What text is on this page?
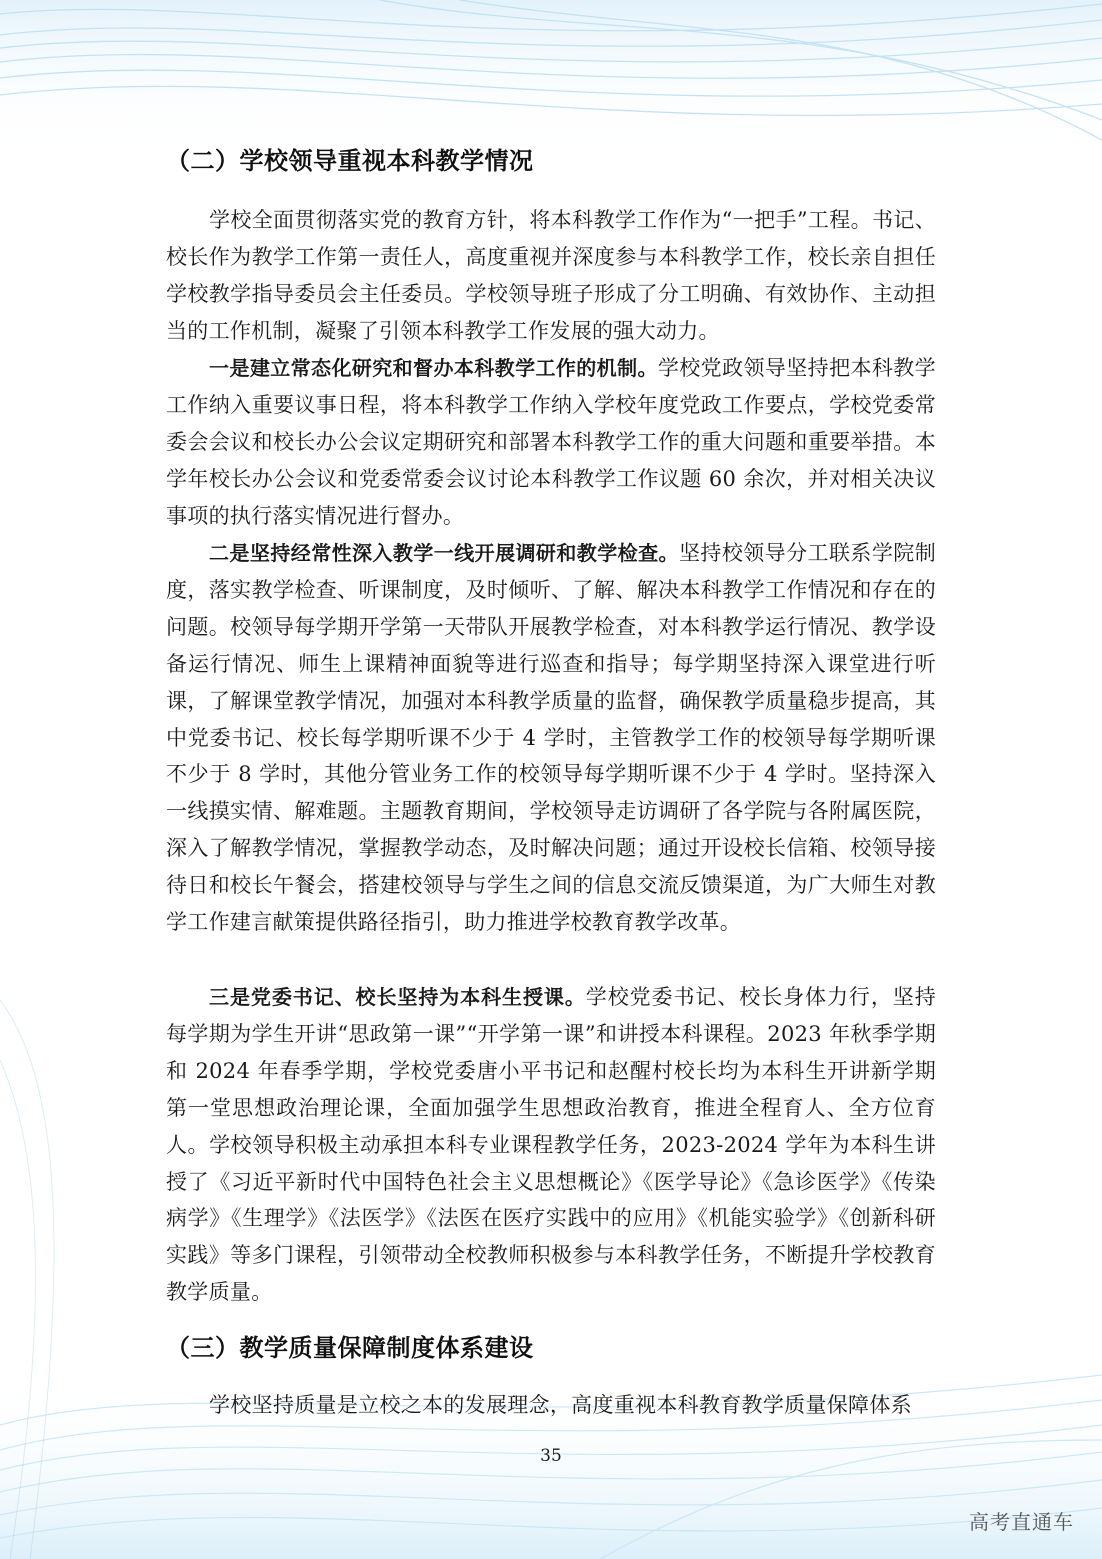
（二）学校领导重视本科教学情况

学校全面贯彻落实党的教育方针，将本科教学工作作为“一把手”工程。书记、校长作为教学工作第一责任人，高度重视并深度参与本科教学工作，校长亲自担任学校教学指导委员会主任委员。学校领导班子形成了分工明确、有效协作、主动担当的工作机制，凝聚了引领本科教学工作发展的强大动力。

一是建立常态化研究和督办本科教学工作的机制。学校党政领导坚持把本科教学工作纳入重要议事日程，将本科教学工作纳入学校年度党政工作要点，学校党委常委会会议和校长办公会议定期研究和部署本科教学工作的重大问题和重要举措。本学年校长办公会议和党委常委会议讨论本科教学工作议题 60 余次，并对相关决议事项的执行落实情况进行督办。

二是坚持经常性深入教学一线开展调研和教学检查。坚持校领导分工联系学院制度，落实教学检查、听课制度，及时倾听、了解、解决本科教学工作情况和存在的问题。校领导每学期开学第一天带队开展教学检查，对本科教学运行情况、教学设备运行情况、师生上课精神面貌等进行巡查和指导；每学期坚持深入课堂进行听课，了解课堂教学情况，加强对本科教学质量的监督，确保教学质量稳步提高，其中党委书记、校长每学期听课不少于 4 学时，主管教学工作的校领导每学期听课不少于 8 学时，其他分管业务工作的校领导每学期听课不少于 4 学时。坚持深入一线摸实情、解难题。主题教育期间，学校领导走访调研了各学院与各附属医院，深入了解教学情况，掌握教学动态，及时解决问题；通过开设校长信箱、校领导接待日和校长午餐会，搭建校领导与学生之间的信息交流反馈渠道，为广大师生对教学工作建言献策提供路径指引，助力推进学校教育教学改革。

三是党委书记、校长坚持为本科生授课。学校党委书记、校长身体力行，坚持每学期为学生开讲“思政第一课”“开学第一课”和讲授本科课程。2023 年秋季学期和 2024 年春季学期，学校党委唐小平书记和赵醒村校长均为本科生开讲新学期第一堂思想政治理论课，全面加强学生思想政治教育，推进全程育人、全方位育人。学校领导积极主动承担本科专业课程教学任务，2023-2024 学年为本科生讲授了《习近平新时代中国特色社会主义思想概论》《医学导论》《急诊医学》《传染病学》《生理学》《法医学》《法医在医疗实践中的应用》《机能实验学》《创新科研实践》等多门课程，引领带动全校教师积极参与本科教学任务，不断提升学校教育教学质量。

（三）教学质量保障制度体系建设

学校坚持质量是立校之本的发展理念，高度重视本科教育教学质量保障体系

35
高考直通车
